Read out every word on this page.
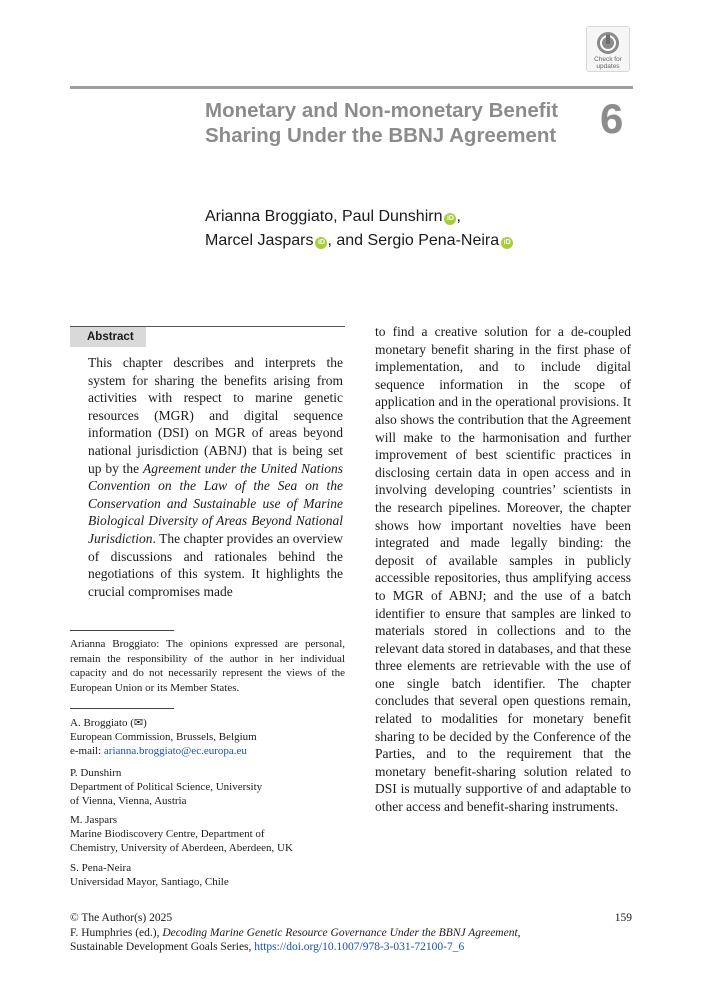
Check for
updates
Monetary and Non-monetary Benefit Sharing Under the BBNJ Agreement	6
Arianna Broggiato, Paul Dunshirn iD ,
Marcel Jaspars iD , and Sergio Pena-Neira iD
Abstract
This chapter describes and interprets the system for sharing the benefits arising from activities with respect to marine genetic resources (MGR) and digital sequence information (DSI) on MGR of areas beyond national jurisdiction (ABNJ) that is being set up by the Agreement under the United Nations Convention on the Law of the Sea on the Conservation and Sustainable use of Marine Biological Diversity of Areas Beyond National Jurisdiction. The chapter provides an overview of discussions and rationales behind the negotiations of this system. It highlights the crucial compromises made
to find a creative solution for a de-coupled monetary benefit sharing in the first phase of implementation, and to include digital sequence information in the scope of application and in the operational provisions. It also shows the contribution that the Agreement will make to the harmonisation and further improvement of best scientific practices in disclosing certain data in open access and in involving developing countries’ scientists in the research pipelines. Moreover, the chapter shows how important novelties have been integrated and made legally binding: the deposit of available samples in publicly accessible repositories, thus amplifying access to MGR of ABNJ; and the use of a batch identifier to ensure that samples are linked to materials stored in collections and to the relevant data stored in databases, and that these three elements are retrievable with the use of one single batch identifier. The chapter concludes that several open questions remain, related to modalities for monetary benefit sharing to be decided by the Conference of the Parties, and to the requirement that the monetary benefit-sharing solution related to DSI is mutually supportive of and adaptable to other access and benefit-sharing instruments.
Arianna Broggiato: The opinions expressed are personal, remain the responsibility of the author in her individual capacity and do not necessarily represent the views of the European Union or its Member States.
A. Broggiato (✉)
European Commission, Brussels, Belgium
e-mail: arianna.broggiato@ec.europa.eu
P. Dunshirn
Department of Political Science, University
of Vienna, Vienna, Austria
M. Jaspars
Marine Biodiscovery Centre, Department of
Chemistry, University of Aberdeen, Aberdeen, UK
S. Pena-Neira
Universidad Mayor, Santiago, Chile
© The Author(s) 2025
F. Humphries (ed.), Decoding Marine Genetic Resource Governance Under the BBNJ Agreement,
Sustainable Development Goals Series, https://doi.org/10.1007/978-3-031-72100-7_6
159
